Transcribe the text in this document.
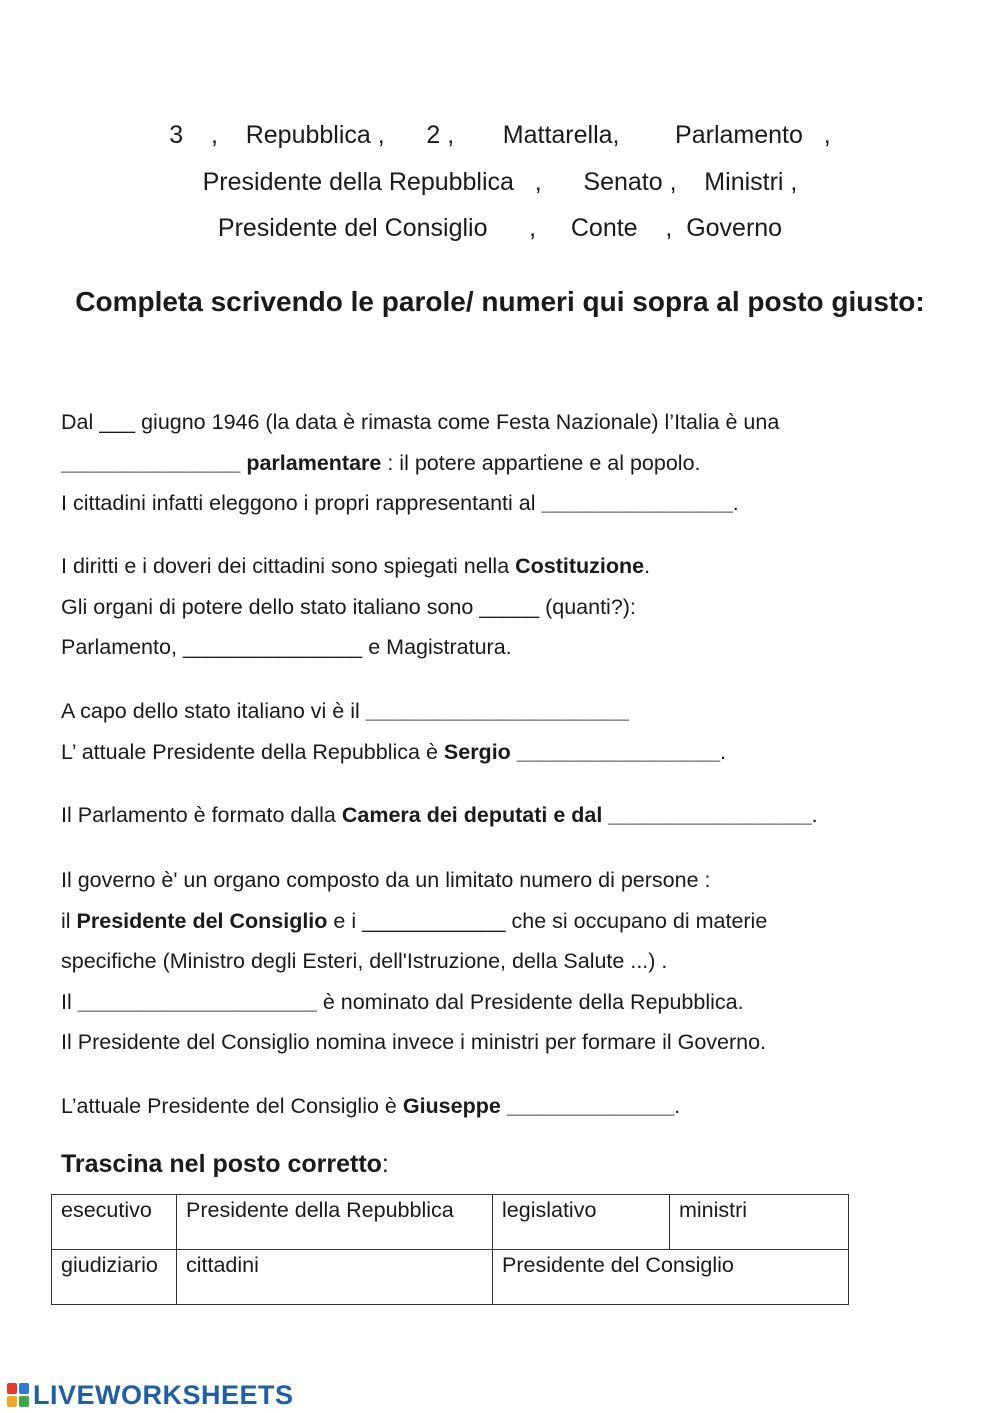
3    ,    Repubblica ,      2 ,       Mattarella,        Parlamento   ,
Presidente della Repubblica   ,      Senato ,    Ministri ,
Presidente del Consiglio      ,     Conte    ,  Governo
Completa scrivendo le parole/ numeri qui sopra al posto giusto:
Dal ___ giugno 1946 (la data è rimasta come Festa Nazionale) l’Italia è una
_______________ parlamentare : il potere appartiene e al popolo.
I cittadini infatti eleggono i propri rappresentanti al ________________.
I diritti e i doveri dei cittadini sono spiegati nella Costituzione.
Gli organi di potere dello stato italiano sono _____ (quanti?):
Parlamento, _______________ e Magistratura.
A capo dello stato italiano vi è il ______________________
L’ attuale Presidente della Repubblica è Sergio _________________.
Il Parlamento è formato dalla Camera dei deputati e dal _________________.
Il governo è' un organo composto da un limitato numero di persone :
il Presidente del Consiglio e i ____________ che si occupano di materie
specifiche (Ministro degli Esteri, dell'Istruzione, della Salute ...) .
Il ____________________ è nominato dal Presidente della Repubblica.
Il Presidente del Consiglio nomina invece i ministri per formare il Governo.
L’attuale Presidente del Consiglio è Giuseppe ______________.
Trascina nel posto corretto:
esecutivo	Presidente della Repubblica	legislativo	ministri
giudiziario	cittadini	Presidente del Consiglio	
LIVEWORKSHEETS
